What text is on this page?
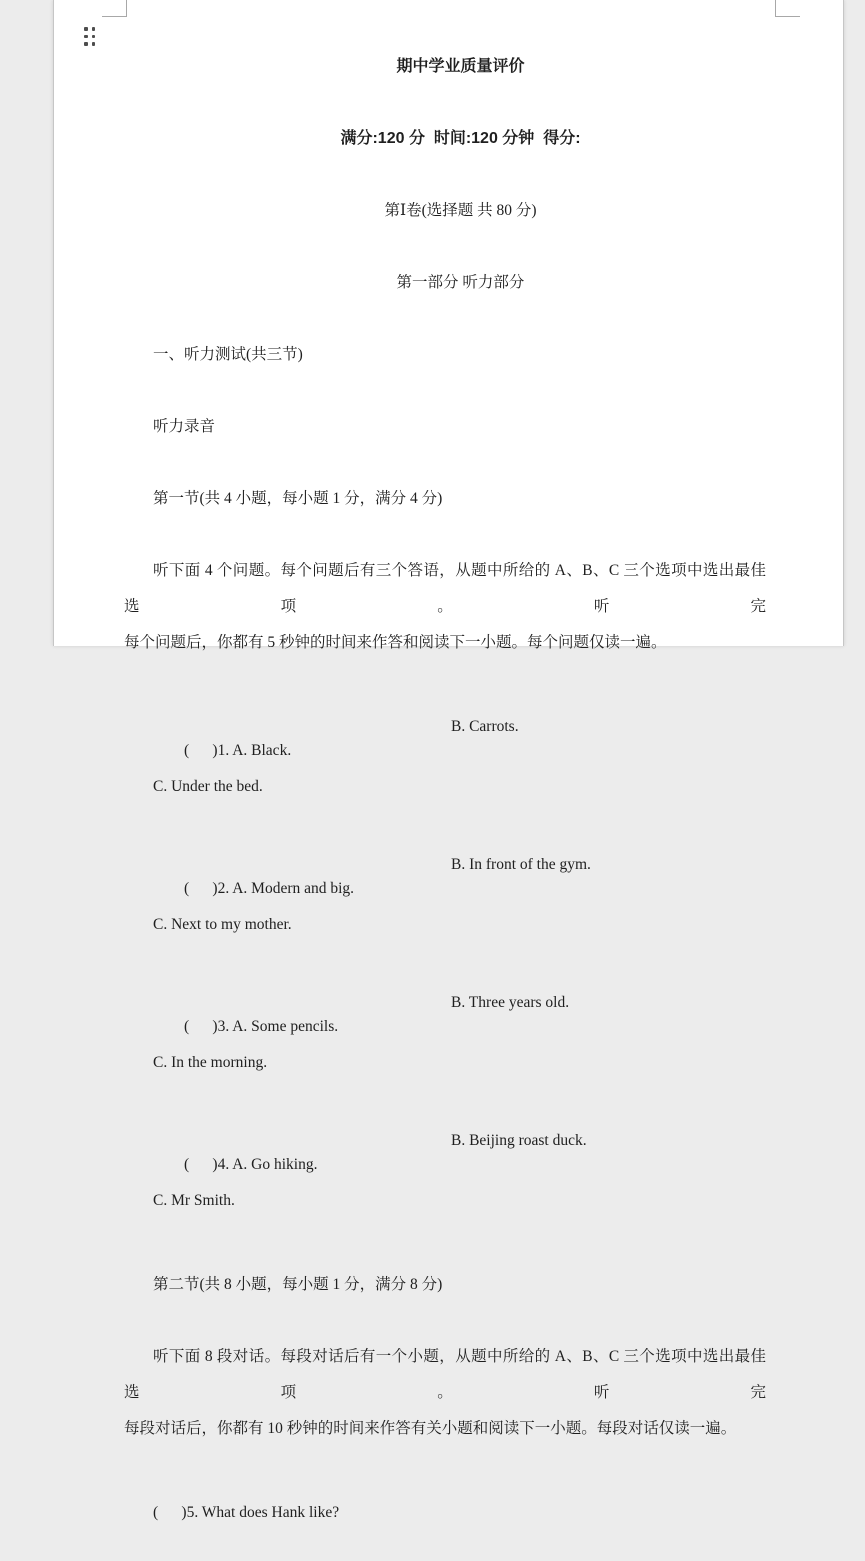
期中学业质量评价

满分:120 分  时间:120 分钟  得分:

第Ⅰ卷(选择题 共 80 分)

第一部分 听力部分

一、听力测试(共三节)

听力录音

第一节(共 4 小题，每小题 1 分，满分 4 分)

听下面 4 个问题。每个问题后有三个答语，从题中所给的 A、B、C 三个选项中选出最佳选项。听完

每个问题后，你都有 5 秒钟的时间来作答和阅读下一小题。每个问题仅读一遍。

(      )1. A. Black.

B. Carrots.

C. Under the bed.

(      )2. A. Modern and big.

B. In front of the gym.

C. Next to my mother.

(      )3. A. Some pencils.

B. Three years old.

C. In the morning.

(      )4. A. Go hiking.

B. Beijing roast duck.

C. Mr Smith.

第二节(共 8 小题，每小题 1 分，满分 8 分)

听下面 8 段对话。每段对话后有一个小题，从题中所给的 A、B、C 三个选项中选出最佳选项。听完

每段对话后，你都有 10 秒钟的时间来作答有关小题和阅读下一小题。每段对话仅读一遍。

(      )5. What does Hank like?
